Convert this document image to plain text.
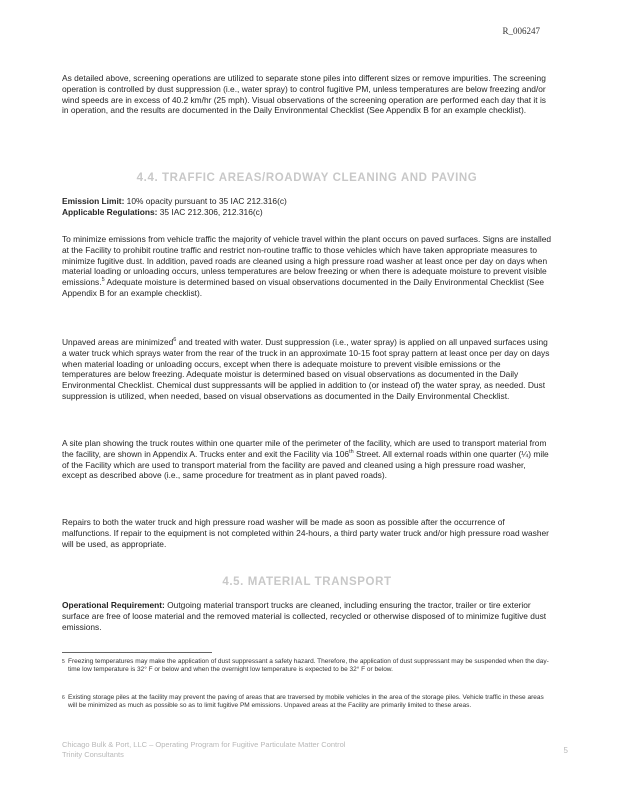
R_006247

As detailed above, screening operations are utilized to separate stone piles into different sizes or remove impurities. The screening operation is controlled by dust suppression (i.e., water spray) to control fugitive PM, unless temperatures are below freezing and/or wind speeds are in excess of 40.2 km/hr (25 mph). Visual observations of the screening operation are performed each day that it is in operation, and the results are documented in the Daily Environmental Checklist (See Appendix B for an example checklist).

4.4. TRAFFIC AREAS/ROADWAY CLEANING AND PAVING

Emission Limit: 10% opacity pursuant to 35 IAC 212.316(c)

Applicable Regulations: 35 IAC 212.306, 212.316(c)

To minimize emissions from vehicle traffic the majority of vehicle travel within the plant occurs on paved surfaces. Signs are installed at the Facility to prohibit routine traffic and restrict non-routine traffic to those vehicles which have taken appropriate measures to minimize fugitive dust. In addition, paved roads are cleaned using a high pressure road washer at least once per day on days when material loading or unloading occurs, unless temperatures are below freezing or when there is adequate moisture to prevent visible emissions.$^5$ Adequate moisture is determined based on visual observations documented in the Daily Environmental Checklist (See Appendix B for an example checklist).

Unpaved areas are minimized$^6$ and treated with water. Dust suppression (i.e., water spray) is applied on all unpaved surfaces using a water truck which sprays water from the rear of the truck in an approximate 10-15 foot spray pattern at least once per day on days when material loading or unloading occurs, except when there is adequate moisture to prevent visible emissions or the temperatures are below freezing. Adequate moistur is determined based on visual observations as documented in the Daily Environmental Checklist. Chemical dust suppressants will be applied in addition to (or instead of) the water spray, as needed. Dust suppression is utilized, when needed, based on visual observations as documented in the Daily Environmental Checklist.

A site plan showing the truck routes within one quarter mile of the perimeter of the facility, which are used to transport material from the facility, are shown in Appendix A. Trucks enter and exit the Facility via 106th Street. All external roads within one quarter (¼) mile of the Facility which are used to transport material from the facility are paved and cleaned using a high pressure road washer, except as described above (i.e., same procedure for treatment as in plant paved roads).

Repairs to both the water truck and high pressure road washer will be made as soon as possible after the occurrence of malfunctions. If repair to the equipment is not completed within 24-hours, a third party water truck and/or high pressure road washer will be used, as appropriate.

4.5. MATERIAL TRANSPORT

Operational Requirement: Outgoing material transport trucks are cleaned, including ensuring the tractor, trailer or tire exterior surface are free of loose material and the removed material is collected, recycled or otherwise disposed of to minimize fugitive dust emissions.

5 Freezing temperatures may make the application of dust suppressant a safety hazard. Therefore, the application of dust suppressant may be suspended when the day-time low temperature is 32° F or below and when the overnight low temperature is expected to be 32° F or below.

6 Existing storage piles at the facility may prevent the paving of areas that are traversed by mobile vehicles in the area of the storage piles. Vehicle traffic in these areas will be minimized as much as possible so as to limit fugitive PM emissions. Unpaved areas at the Facility are primarily limited to these areas.

Chicago Bulk & Port, LLC – Operating Program for Fugitive Particulate Matter Control
Trinity Consultants	5
